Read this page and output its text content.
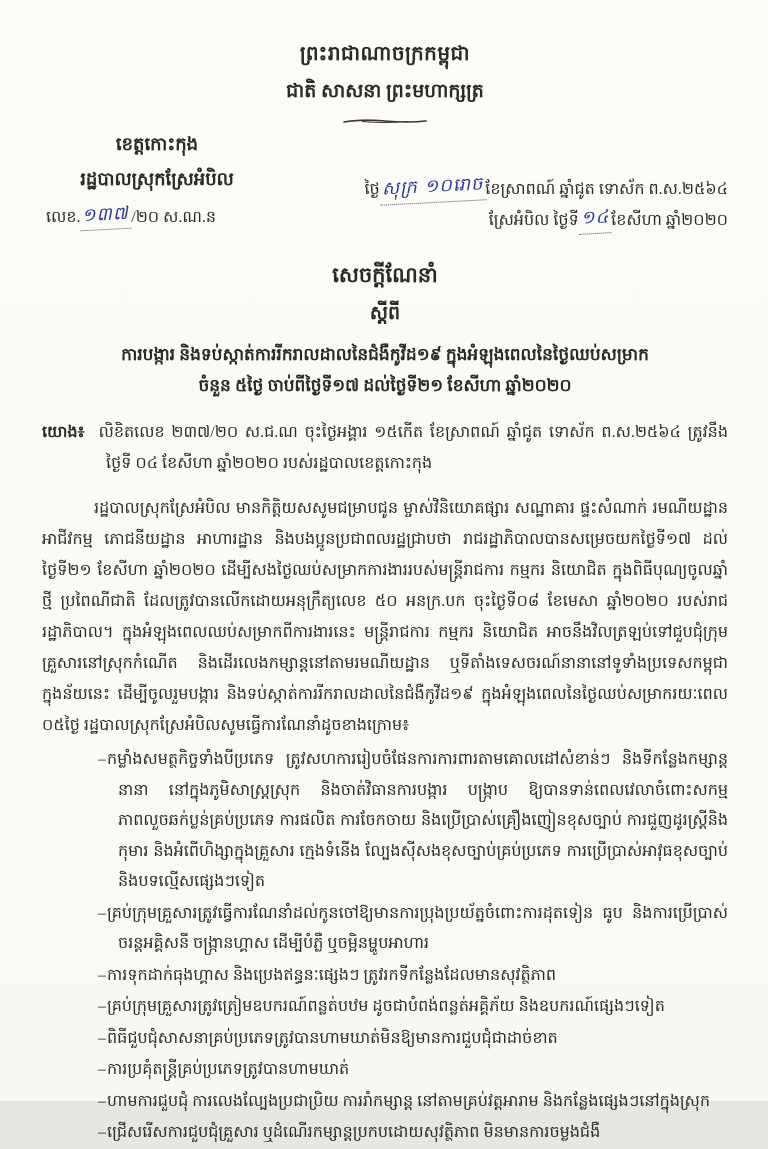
ព្រះរាជាណាចក្រកម្ពុជា
ជាតិ សាសនា ព្រះមហាក្សត្រ
ខេត្តកោះកុង
រដ្ឋបាលស្រុកស្រែអំបិល
លេខ.១៣៧ /២០ ស.ណ.ន
ថ្ងៃសុក្រ ១០រោច ខែស្រាពណ៍ ឆ្នាំជូត ទោស័ក ព.ស.២៥៦៤
ស្រែអំបិល ថ្ងៃទី១៤ ខែសីហា ឆ្នាំ២០២០
សេចក្តីណែនាំ
ស្តីពី
ការបង្ការ និងទប់ស្កាត់ការរីករាលដាលនៃជំងឺកូវីដ១៩ ក្នុងអំឡុងពេលនៃថ្ងៃឈប់សម្រាក
ចំនួន ៥ថ្ងៃ ចាប់ពីថ្ងៃទី១៧ ដល់ថ្ងៃទី២១ ខែសីហា ឆ្នាំ២០២០
យោង៖ លិខិតលេខ ២៣៧/២០ ស.ជ.ណ ចុះថ្ងៃអង្គារ ១៥កើត ខែស្រាពណ៍ ឆ្នាំជូត ទោស័ក ព.ស.២៥៦៤ ត្រូវនឹងថ្ងៃទី ០៤ ខែសីហា ឆ្នាំ២០២០ របស់រដ្ឋបាលខេត្តកោះកុង
រដ្ឋបាលស្រុកស្រែអំបិល មានកិត្តិយសសូមជម្រាបជូន ម្ចាស់វិនិយោគផ្សារ សណ្ឋាគារ ផ្ទះសំណាក់ រមណីយដ្ឋាន អាជីវកម្ម ភោជនីយដ្ឋាន អាហារដ្ឋាន និងបងប្អូនប្រជាពលរដ្ឋជ្រាបថា រាជរដ្ឋាភិបាលបានសម្រេចយកថ្ងៃទី១៧ ដល់ថ្ងៃទី២១ ខែសីហា ឆ្នាំ២០២០ ដើម្បីសងថ្ងៃឈប់សម្រាកការងាររបស់មន្ត្រីរាជការ កម្មករ និយោជិត ក្នុងពិធីបុណ្យចូលឆ្នាំថ្មី ប្រពៃណីជាតិ ដែលត្រូវបានលើកដោយអនុក្រឹត្យលេខ ៥០ អនក្រ.បក ចុះថ្ងៃទី០៨ ខែមេសា ឆ្នាំ២០២០ របស់រាជរដ្ឋាភិបាល។ ក្នុងអំឡុងពេលឈប់សម្រាកពីការងារនេះ មន្ត្រីរាជការ កម្មករ និយោជិត អាចនឹងវិលត្រឡប់ទៅជួបជុំក្រុមគ្រួសារនៅស្រុកកំណើត និងដើរលេងកម្សាន្តនៅតាមរមណីយដ្ឋាន ឬទីតាំងទេសចរណ៍នានានៅទូទាំងប្រទេសកម្ពុជា ក្នុងន័យនេះ ដើម្បីចូលរួមបង្ការ និងទប់ស្កាត់ការរីករាលដាលនៃជំងឺកូវីដ១៩ ក្នុងអំឡុងពេលនៃថ្ងៃឈប់សម្រាករយៈពេល ០៥ថ្ងៃ រដ្ឋបាលស្រុកស្រែអំបិលសូមធ្វើការណែនាំដូចខាងក្រោម៖
–កម្លាំងសមត្ថកិច្ចទាំងបីប្រភេទ ត្រូវសហការរៀបចំផែនការការពារតាមគោលដៅសំខាន់ៗ និងទីកន្លែងកម្សាន្តនានា នៅក្នុងភូមិសាស្ត្រស្រុក និងចាត់វិធានការបង្ការ បង្ក្រាប ឱ្យបានទាន់ពេលវេលាចំពោះសកម្មភាពលួចឆក់ប្លន់គ្រប់ប្រភេទ ការផលិត ការចែកចាយ និងប្រើប្រាស់គ្រឿងញៀនខុសច្បាប់ ការជួញដូរស្ត្រីនិងកុមារ និងអំពើហិង្សាក្នុងគ្រួសារ ក្មេងទំនើង ល្បែងស៊ីសងខុសច្បាប់គ្រប់ប្រភេទ ការប្រើប្រាស់អាវុធខុសច្បាប់ និងបទល្មើសផ្សេងៗទៀត
–គ្រប់ក្រុមគ្រួសារត្រូវធ្វើការណែនាំដល់កូនចៅឱ្យមានការប្រុងប្រយ័ត្នចំពោះការដុតទៀន ធូប និងការប្រើប្រាស់ចរន្តអគ្គិសនី ចង្ក្រានហ្គាស ដើម្បីបំភ្លឺ ឬចម្អិនម្ហូបអាហារ
–ការទុកដាក់ធុងហ្គាស និងប្រេងឥន្ធនៈផ្សេងៗ ត្រូវរកទីកន្លែងដែលមានសុវត្ថិភាព
–គ្រប់ក្រុមគ្រួសារត្រូវត្រៀមឧបករណ៍ពន្លត់បឋម ដូចជាបំពង់ពន្លត់អគ្គិភ័យ និងឧបករណ៍ផ្សេងៗទៀត
–ពិធីជួបជុំសាសនាគ្រប់ប្រភេទត្រូវបានហាមឃាត់មិនឱ្យមានការជួបជុំជាដាច់ខាត
–ការប្រគុំតន្ត្រីគ្រប់ប្រភេទត្រូវបានហាមឃាត់
–ហាមការជួបជុំ ការលេងល្បែងប្រជាប្រិយ ការរាំកម្សាន្ត នៅតាមគ្រប់វត្តអារាម និងកន្លែងផ្សេងៗនៅក្នុងស្រុក
–ជ្រើសរើសការជួបជុំគ្រួសារ ឬដំណើរកម្សាន្តប្រកបដោយសុវត្ថិភាព មិនមានការចម្លងជំងឺ
